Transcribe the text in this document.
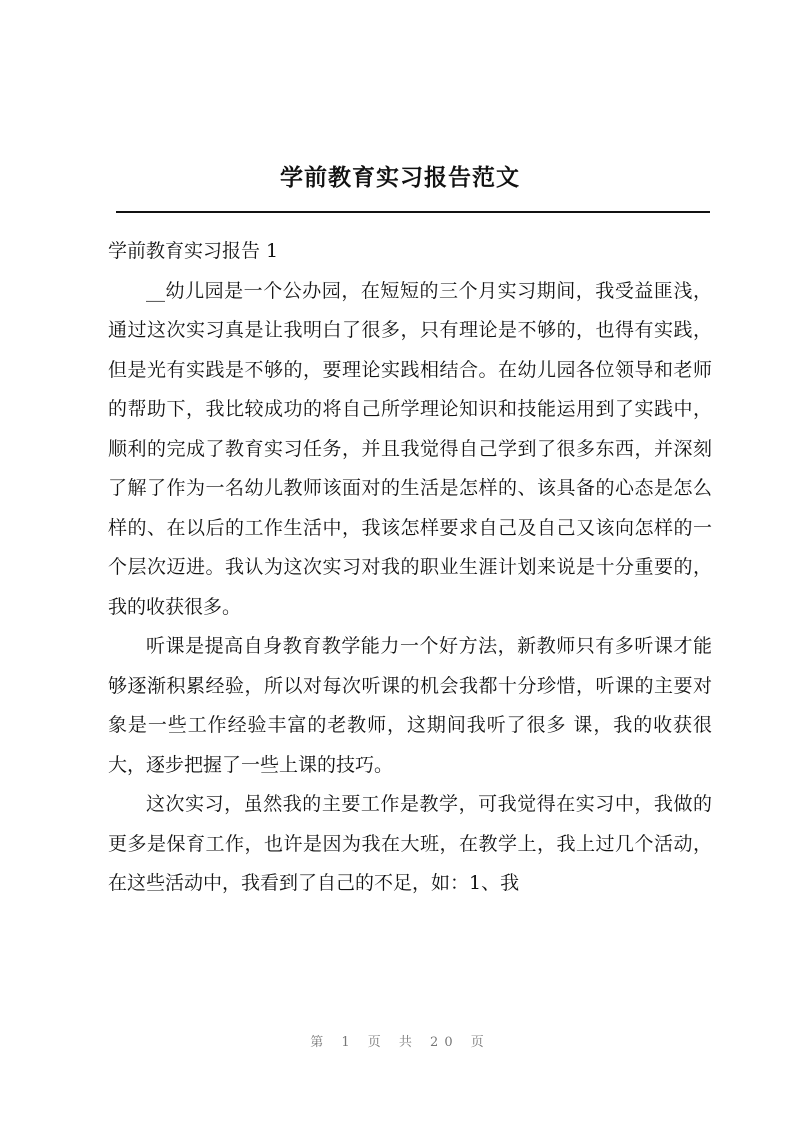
学前教育实习报告范文

学前教育实习报告 1

__幼儿园是一个公办园，在短短的三个月实习期间，我受益匪浅，通过这次实习真是让我明白了很多，只有理论是不够的，也得有实践，但是光有实践是不够的，要理论实践相结合。在幼儿园各位领导和老师的帮助下，我比较成功的将自己所学理论知识和技能运用到了实践中，顺利的完成了教育实习任务，并且我觉得自己学到了很多东西，并深刻了解了作为一名幼儿教师该面对的生活是怎样的、该具备的心态是怎么样的、在以后的工作生活中，我该怎样要求自己及自己又该向怎样的一个层次迈进。我认为这次实习对我的职业生涯计划来说是十分重要的，我的收获很多。

听课是提高自身教育教学能力一个好方法，新教师只有多听课才能够逐渐积累经验，所以对每次听课的机会我都十分珍惜，听课的主要对象是一些工作经验丰富的老教师，这期间我听了很多 课，我的收获很大，逐步把握了一些上课的技巧。

这次实习，虽然我的主要工作是教学，可我觉得在实习中，我做的更多是保育工作，也许是因为我在大班，在教学上，我上过几个活动，在这些活动中，我看到了自己的不足，如：1、我

第 1 页 共 20 页
